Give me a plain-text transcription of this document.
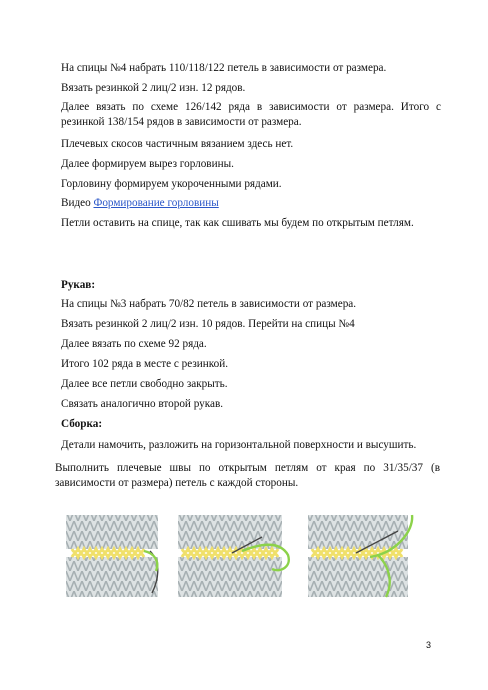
На спицы №4 набрать 110/118/122 петель в зависимости от размера.
Вязать резинкой 2 лиц/2 изн. 12 рядов.
Далее вязать по схеме 126/142 ряда в зависимости от размера. Итого с резинкой 138/154 рядов в зависимости от размера.
Плечевых скосов частичным вязанием здесь нет.
Далее формируем вырез горловины.
Горловину формируем укороченными рядами.
Видео Формирование горловины
Петли оставить на спице, так как сшивать мы будем по открытым петлям.
Рукав:
На спицы №3 набрать 70/82 петель в зависимости от размера.
Вязать резинкой 2 лиц/2 изн. 10 рядов. Перейти на спицы №4
Далее вязать по схеме 92 ряда.
Итого 102 ряда в месте с резинкой.
Далее все петли свободно закрыть.
Связать аналогично второй рукав.
Сборка:
Детали намочить, разложить на горизонтальной поверхности и высушить.
Выполнить плечевые швы по открытым петлям от края по 31/35/37 (в зависимости от размера) петель с каждой стороны.
3
